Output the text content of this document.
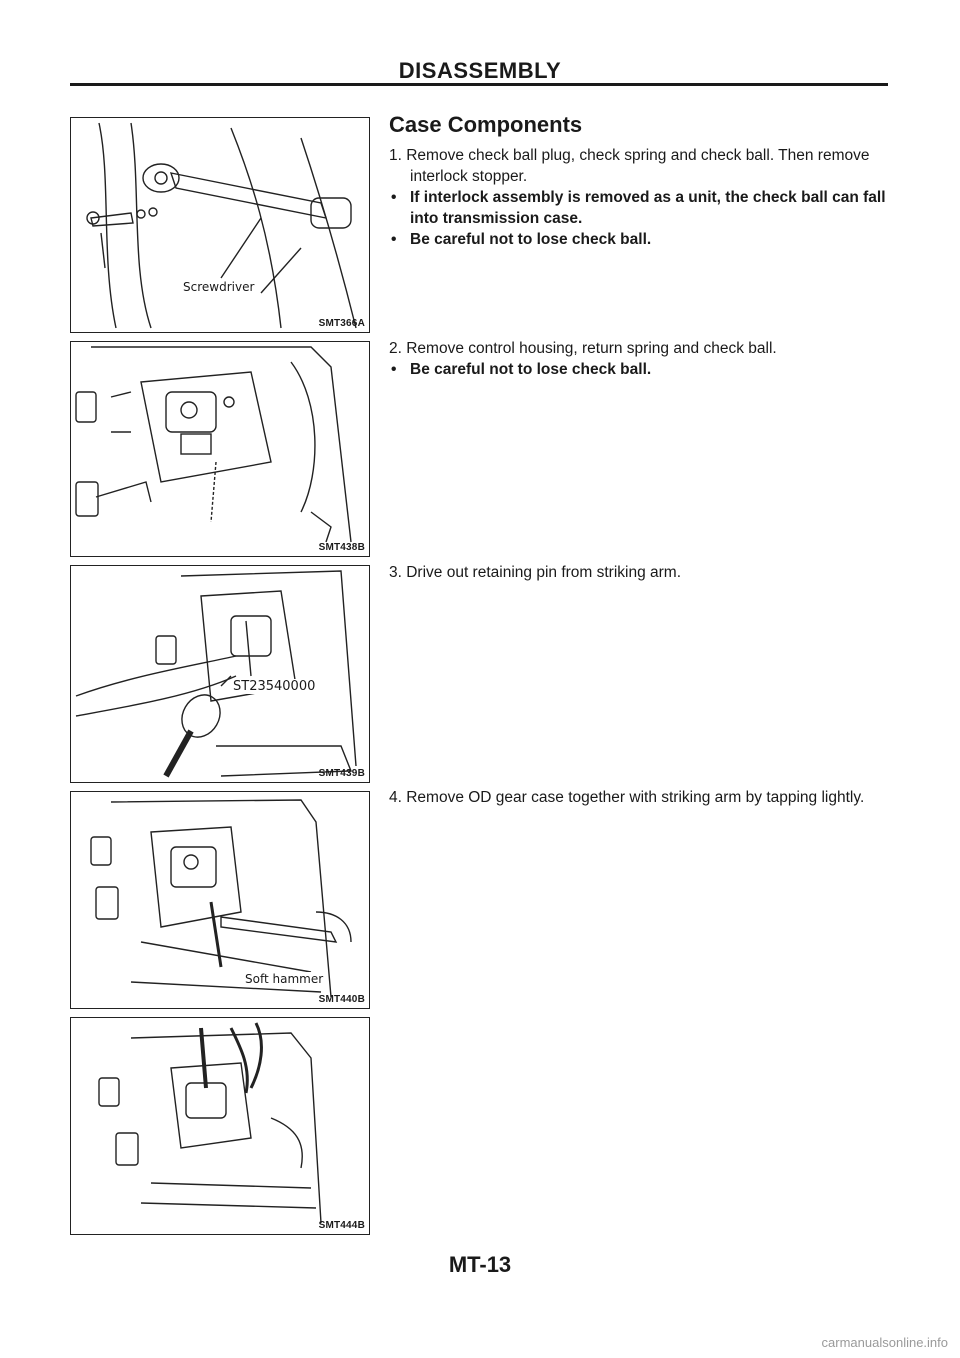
DISASSEMBLY
Screwdriver
SMT366A
SMT438B
ST23540000
SMT439B
Soft hammer
SMT440B
SMT444B
Case Components
1. Remove check ball plug, check spring and check ball. Then remove interlock stopper.
• If interlock assembly is removed as a unit, the check ball can fall into transmission case.
• Be careful not to lose check ball.
2. Remove control housing, return spring and check ball.
• Be careful not to lose check ball.
3. Drive out retaining pin from striking arm.
4. Remove OD gear case together with striking arm by tapping lightly.
MT-13
carmanualsonline.info
